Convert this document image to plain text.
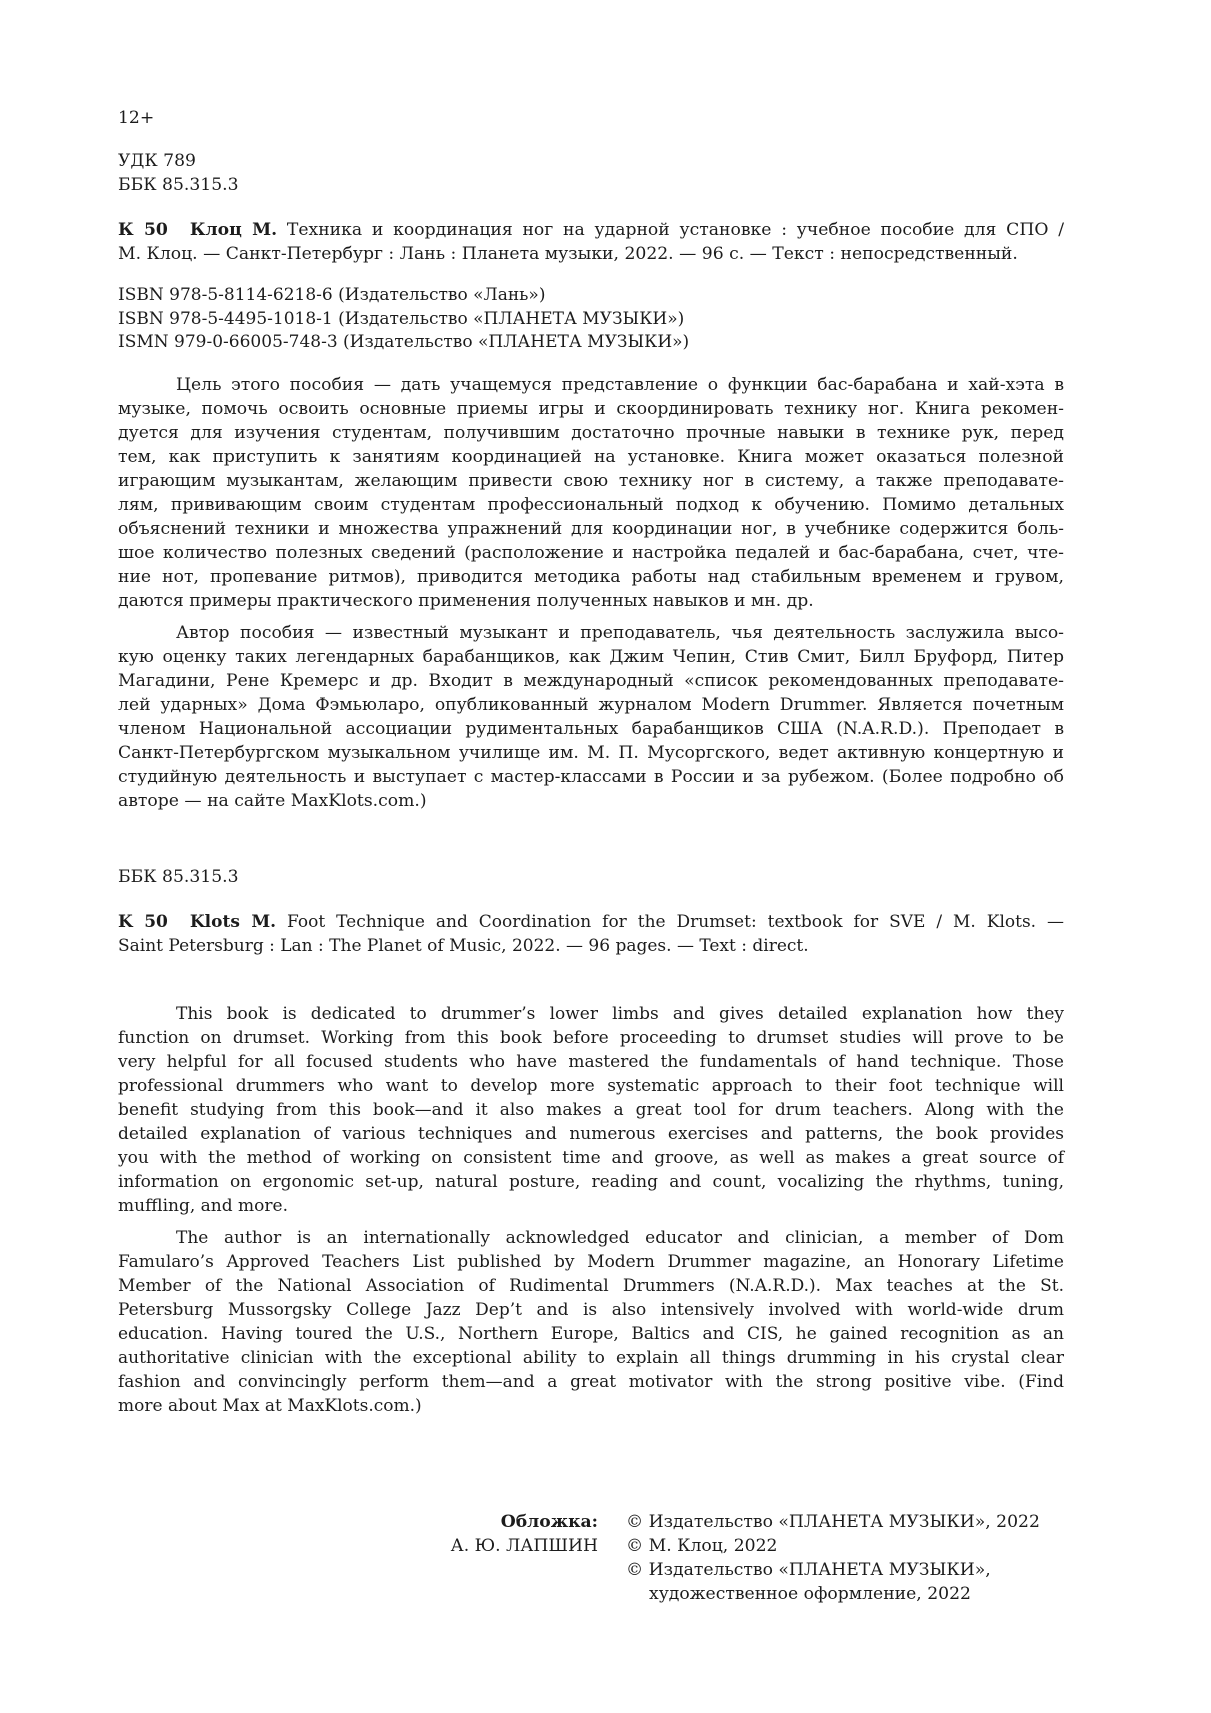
12+
УДК 789
ББК 85.315.3
К 50 Клоц М. Техника и координация ног на ударной установке : учебное пособие для СПО /
М. Клоц. — Санкт-Петербург : Лань : Планета музыки, 2022. — 96 с. — Текст : непосредственный.
ISBN 978-5-8114-6218-6 (Издательство «Лань»)
ISBN 978-5-4495-1018-1 (Издательство «ПЛАНЕТА МУЗЫКИ»)
ISMN 979-0-66005-748-3 (Издательство «ПЛАНЕТА МУЗЫКИ»)
Цель этого пособия — дать учащемуся представление о функции бас-барабана и хай-хэта в
музыке, помочь освоить основные приемы игры и скоординировать технику ног. Книга рекомен-
дуется для изучения студентам, получившим достаточно прочные навыки в технике рук, перед
тем, как приступить к занятиям координацией на установке. Книга может оказаться полезной
играющим музыкантам, желающим привести свою технику ног в систему, а также преподавате-
лям, прививающим своим студентам профессиональный подход к обучению. Помимо детальных
объяснений техники и множества упражнений для координации ног, в учебнике содержится боль-
шое количество полезных сведений (расположение и настройка педалей и бас-барабана, счет, чте-
ние нот, пропевание ритмов), приводится методика работы над стабильным временем и грувом,
даются примеры практического применения полученных навыков и мн. др.
Автор пособия — известный музыкант и преподаватель, чья деятельность заслужила высо-
кую оценку таких легендарных барабанщиков, как Джим Чепин, Стив Смит, Билл Бруфорд, Питер
Магадини, Рене Кремерс и др. Входит в международный «список рекомендованных преподавате-
лей ударных» Дома Фэмьюларо, опубликованный журналом Modern Drummer. Является почетным
членом Национальной ассоциации рудиментальных барабанщиков США (N.A.R.D.). Преподает в
Санкт-Петербургском музыкальном училище им. М. П. Мусоргского, ведет активную концертную и
студийную деятельность и выступает с мастер-классами в России и за рубежом. (Более подробно об
авторе — на сайте MaxKlots.com.)
ББК 85.315.3
K 50 Klots M. Foot Technique and Coordination for the Drumset: textbook for SVE / M. Klots. —
Saint Petersburg : Lan : The Planet of Music, 2022. — 96 pages. — Text : direct.
This book is dedicated to drummer’s lower limbs and gives detailed explanation how they
function on drumset. Working from this book before proceeding to drumset studies will prove to be
very helpful for all focused students who have mastered the fundamentals of hand technique. Those
professional drummers who want to develop more systematic approach to their foot technique will
benefit studying from this book—and it also makes a great tool for drum teachers. Along with the
detailed explanation of various techniques and numerous exercises and patterns, the book provides
you with the method of working on consistent time and groove, as well as makes a great source of
information on ergonomic set-up, natural posture, reading and count, vocalizing the rhythms, tuning,
muffling, and more.
The author is an internationally acknowledged educator and clinician, a member of Dom
Famularo’s Approved Teachers List published by Modern Drummer magazine, an Honorary Lifetime
Member of the National Association of Rudimental Drummers (N.A.R.D.). Max teaches at the St.
Petersburg Mussorgsky College Jazz Dep’t and is also intensively involved with world-wide drum
education. Having toured the U.S., Northern Europe, Baltics and CIS, he gained recognition as an
authoritative clinician with the exceptional ability to explain all things drumming in his crystal clear
fashion and convincingly perform them—and a great motivator with the strong positive vibe. (Find
more about Max at MaxKlots.com.)
Обложка:
А. Ю. ЛАПШИН
© Издательство «ПЛАНЕТА МУЗЫКИ», 2022
© М. Клоц, 2022
© Издательство «ПЛАНЕТА МУЗЫКИ»,
художественное оформление, 2022
